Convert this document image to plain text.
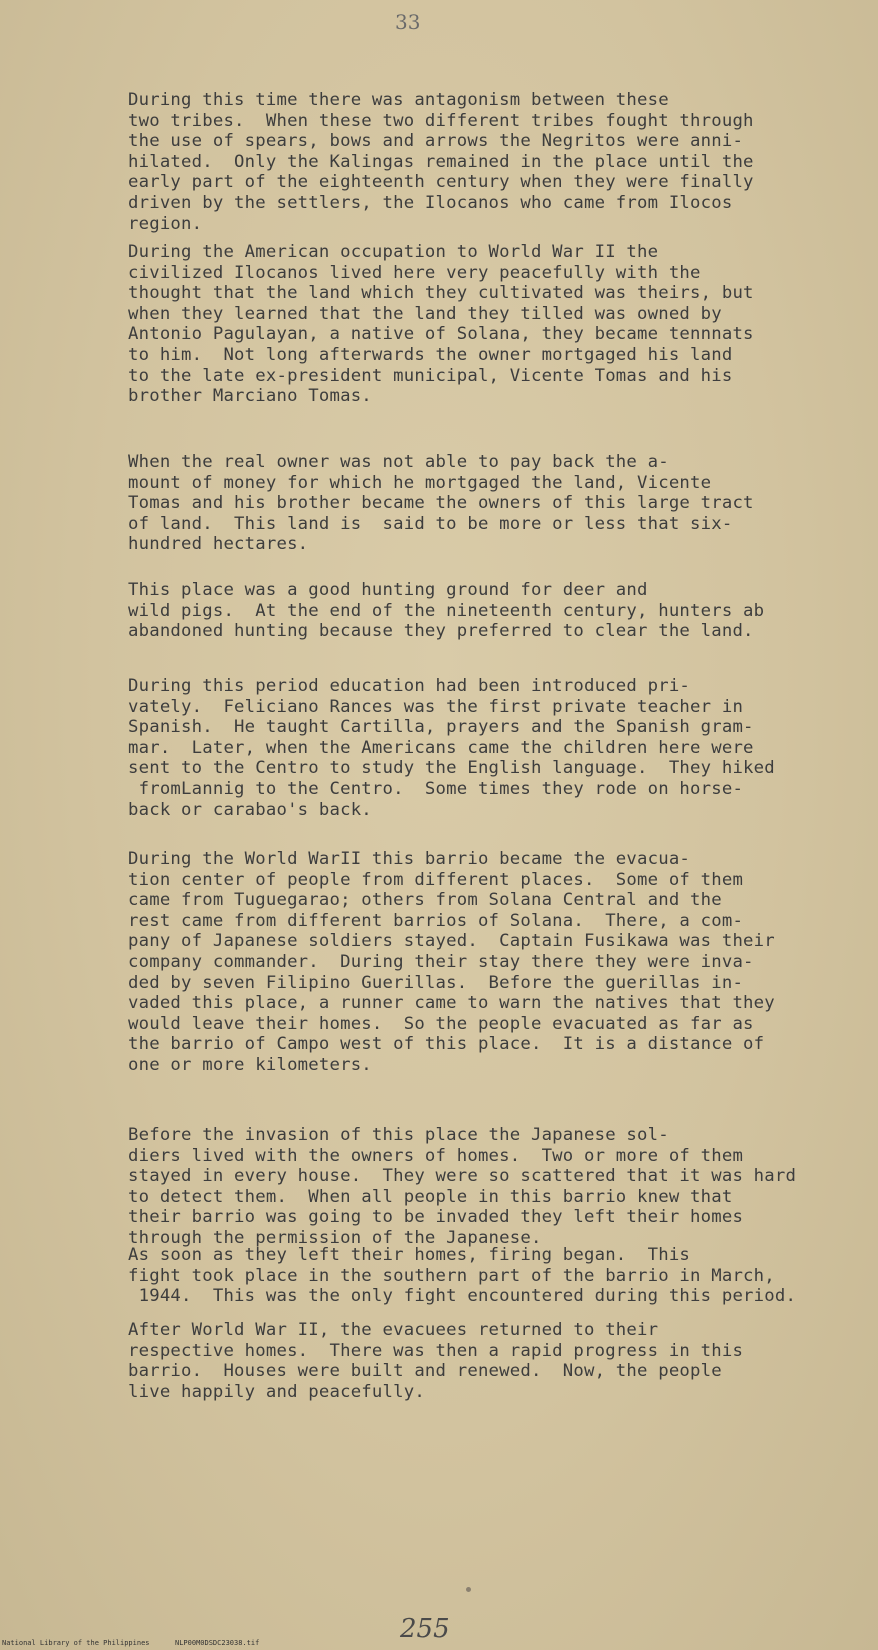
33
During this time there was antagonism between these
two tribes.  When these two different tribes fought through
the use of spears, bows and arrows the Negritos were anni-
hilated.  Only the Kalingas remained in the place until the
early part of the eighteenth century when they were finally
driven by the settlers, the Ilocanos who came from Ilocos
region.
During the American occupation to World War II the
civilized Ilocanos lived here very peacefully with the
thought that the land which they cultivated was theirs, but
when they learned that the land they tilled was owned by
Antonio Pagulayan, a native of Solana, they became tennnats
to him.  Not long afterwards the owner mortgaged his land
to the late ex-president municipal, Vicente Tomas and his
brother Marciano Tomas.
When the real owner was not able to pay back the a-
mount of money for which he mortgaged the land, Vicente
Tomas and his brother became the owners of this large tract
of land.  This land is  said to be more or less that six-
hundred hectares.
This place was a good hunting ground for deer and
wild pigs.  At the end of the nineteenth century, hunters ab
abandoned hunting because they preferred to clear the land.
During this period education had been introduced pri-
vately.  Feliciano Rances was the first private teacher in
Spanish.  He taught Cartilla, prayers and the Spanish gram-
mar.  Later, when the Americans came the children here were
sent to the Centro to study the English language.  They hiked
fromLannig to the Centro.  Some times they rode on horse-
back or carabao's back.
During the World WarII this barrio became the evacua-
tion center of people from different places.  Some of them
came from Tuguegarao; others from Solana Central and the
rest came from different barrios of Solana.  There, a com-
pany of Japanese soldiers stayed.  Captain Fusikawa was their
company commander.  During their stay there they were inva-
ded by seven Filipino Guerillas.  Before the guerillas in-
vaded this place, a runner came to warn the natives that they
would leave their homes.  So the people evacuated as far as
the barrio of Campo west of this place.  It is a distance of
one or more kilometers.
Before the invasion of this place the Japanese sol-
diers lived with the owners of homes.  Two or more of them
stayed in every house.  They were so scattered that it was hard
to detect them.  When all people in this barrio knew that
their barrio was going to be invaded they left their homes
through the permission of the Japanese.
As soon as they left their homes, firing began.  This
fight took place in the southern part of the barrio in March,
1944.  This was the only fight encountered during this period.
After World War II, the evacuees returned to their
respective homes.  There was then a rapid progress in this
barrio.  Houses were built and renewed.  Now, the people
live happily and peacefully.
255
National Library of the Philippines	NLP00M0DSDC23038.tif
